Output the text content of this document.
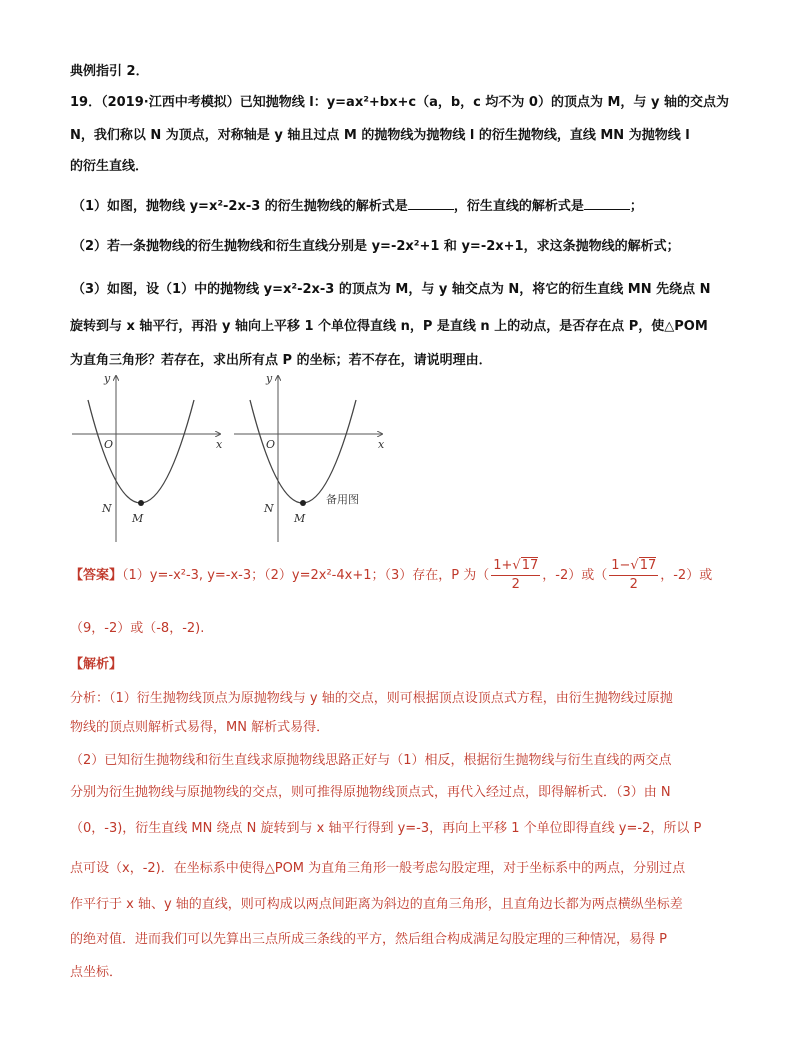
典例指引 2．
19．（2019·江西中考模拟）已知抛物线 l：y=ax²+bx+c（a，b，c 均不为 0）的顶点为 M，与 y 轴的交点为
N，我们称以 N 为顶点，对称轴是 y 轴且过点 M 的抛物线为抛物线 l 的衍生抛物线，直线 MN 为抛物线 l
的衍生直线．
（1）如图，抛物线 y=x²-2x-3 的衍生抛物线的解析式是	，衍生直线的解析式是	；
（2）若一条抛物线的衍生抛物线和衍生直线分别是 y=-2x²+1 和 y=-2x+1，求这条抛物线的解析式；
（3）如图，设（1）中的抛物线 y=x²-2x-3 的顶点为 M，与 y 轴交点为 N，将它的衍生直线 MN 先绕点 N
旋转到与 x 轴平行，再沿 y 轴向上平移 1 个单位得直线 n，P 是直线 n 上的动点，是否存在点 P，使△POM
为直角三角形？若存在，求出所有点 P 的坐标；若不存在，请说明理由．
y
x
O
N
M
y
x
O
N
M
备用图
【答案】（1）y=-x²-3, y=-x-3；（2）y=2x²-4x+1；（3）存在，P 为（ $\frac{1+√17}{2}$ ，-2）或（ $\frac{1-√17}{2}$ ，-2）或
（9，-2）或（-8，-2).
【解析】
分析：（1）衍生抛物线顶点为原抛物线与 y 轴的交点，则可根据顶点设顶点式方程，由衍生抛物线过原抛
物线的顶点则解析式易得，MN 解析式易得．
（2）已知衍生抛物线和衍生直线求原抛物线思路正好与（1）相反，根据衍生抛物线与衍生直线的两交点
分别为衍生抛物线与原抛物线的交点，则可推得原抛物线顶点式，再代入经过点，即得解析式．（3）由 N
（0，-3)，衍生直线 MN 绕点 N 旋转到与 x 轴平行得到 y=-3，再向上平移 1 个单位即得直线 y=-2，所以 P
点可设（x，-2)．在坐标系中使得△POM 为直角三角形一般考虑勾股定理，对于坐标系中的两点，分别过点
作平行于 x 轴、y 轴的直线，则可构成以两点间距离为斜边的直角三角形，且直角边长都为两点横纵坐标差
的绝对值．进而我们可以先算出三点所成三条线的平方，然后组合构成满足勾股定理的三种情况，易得 P
点坐标．
